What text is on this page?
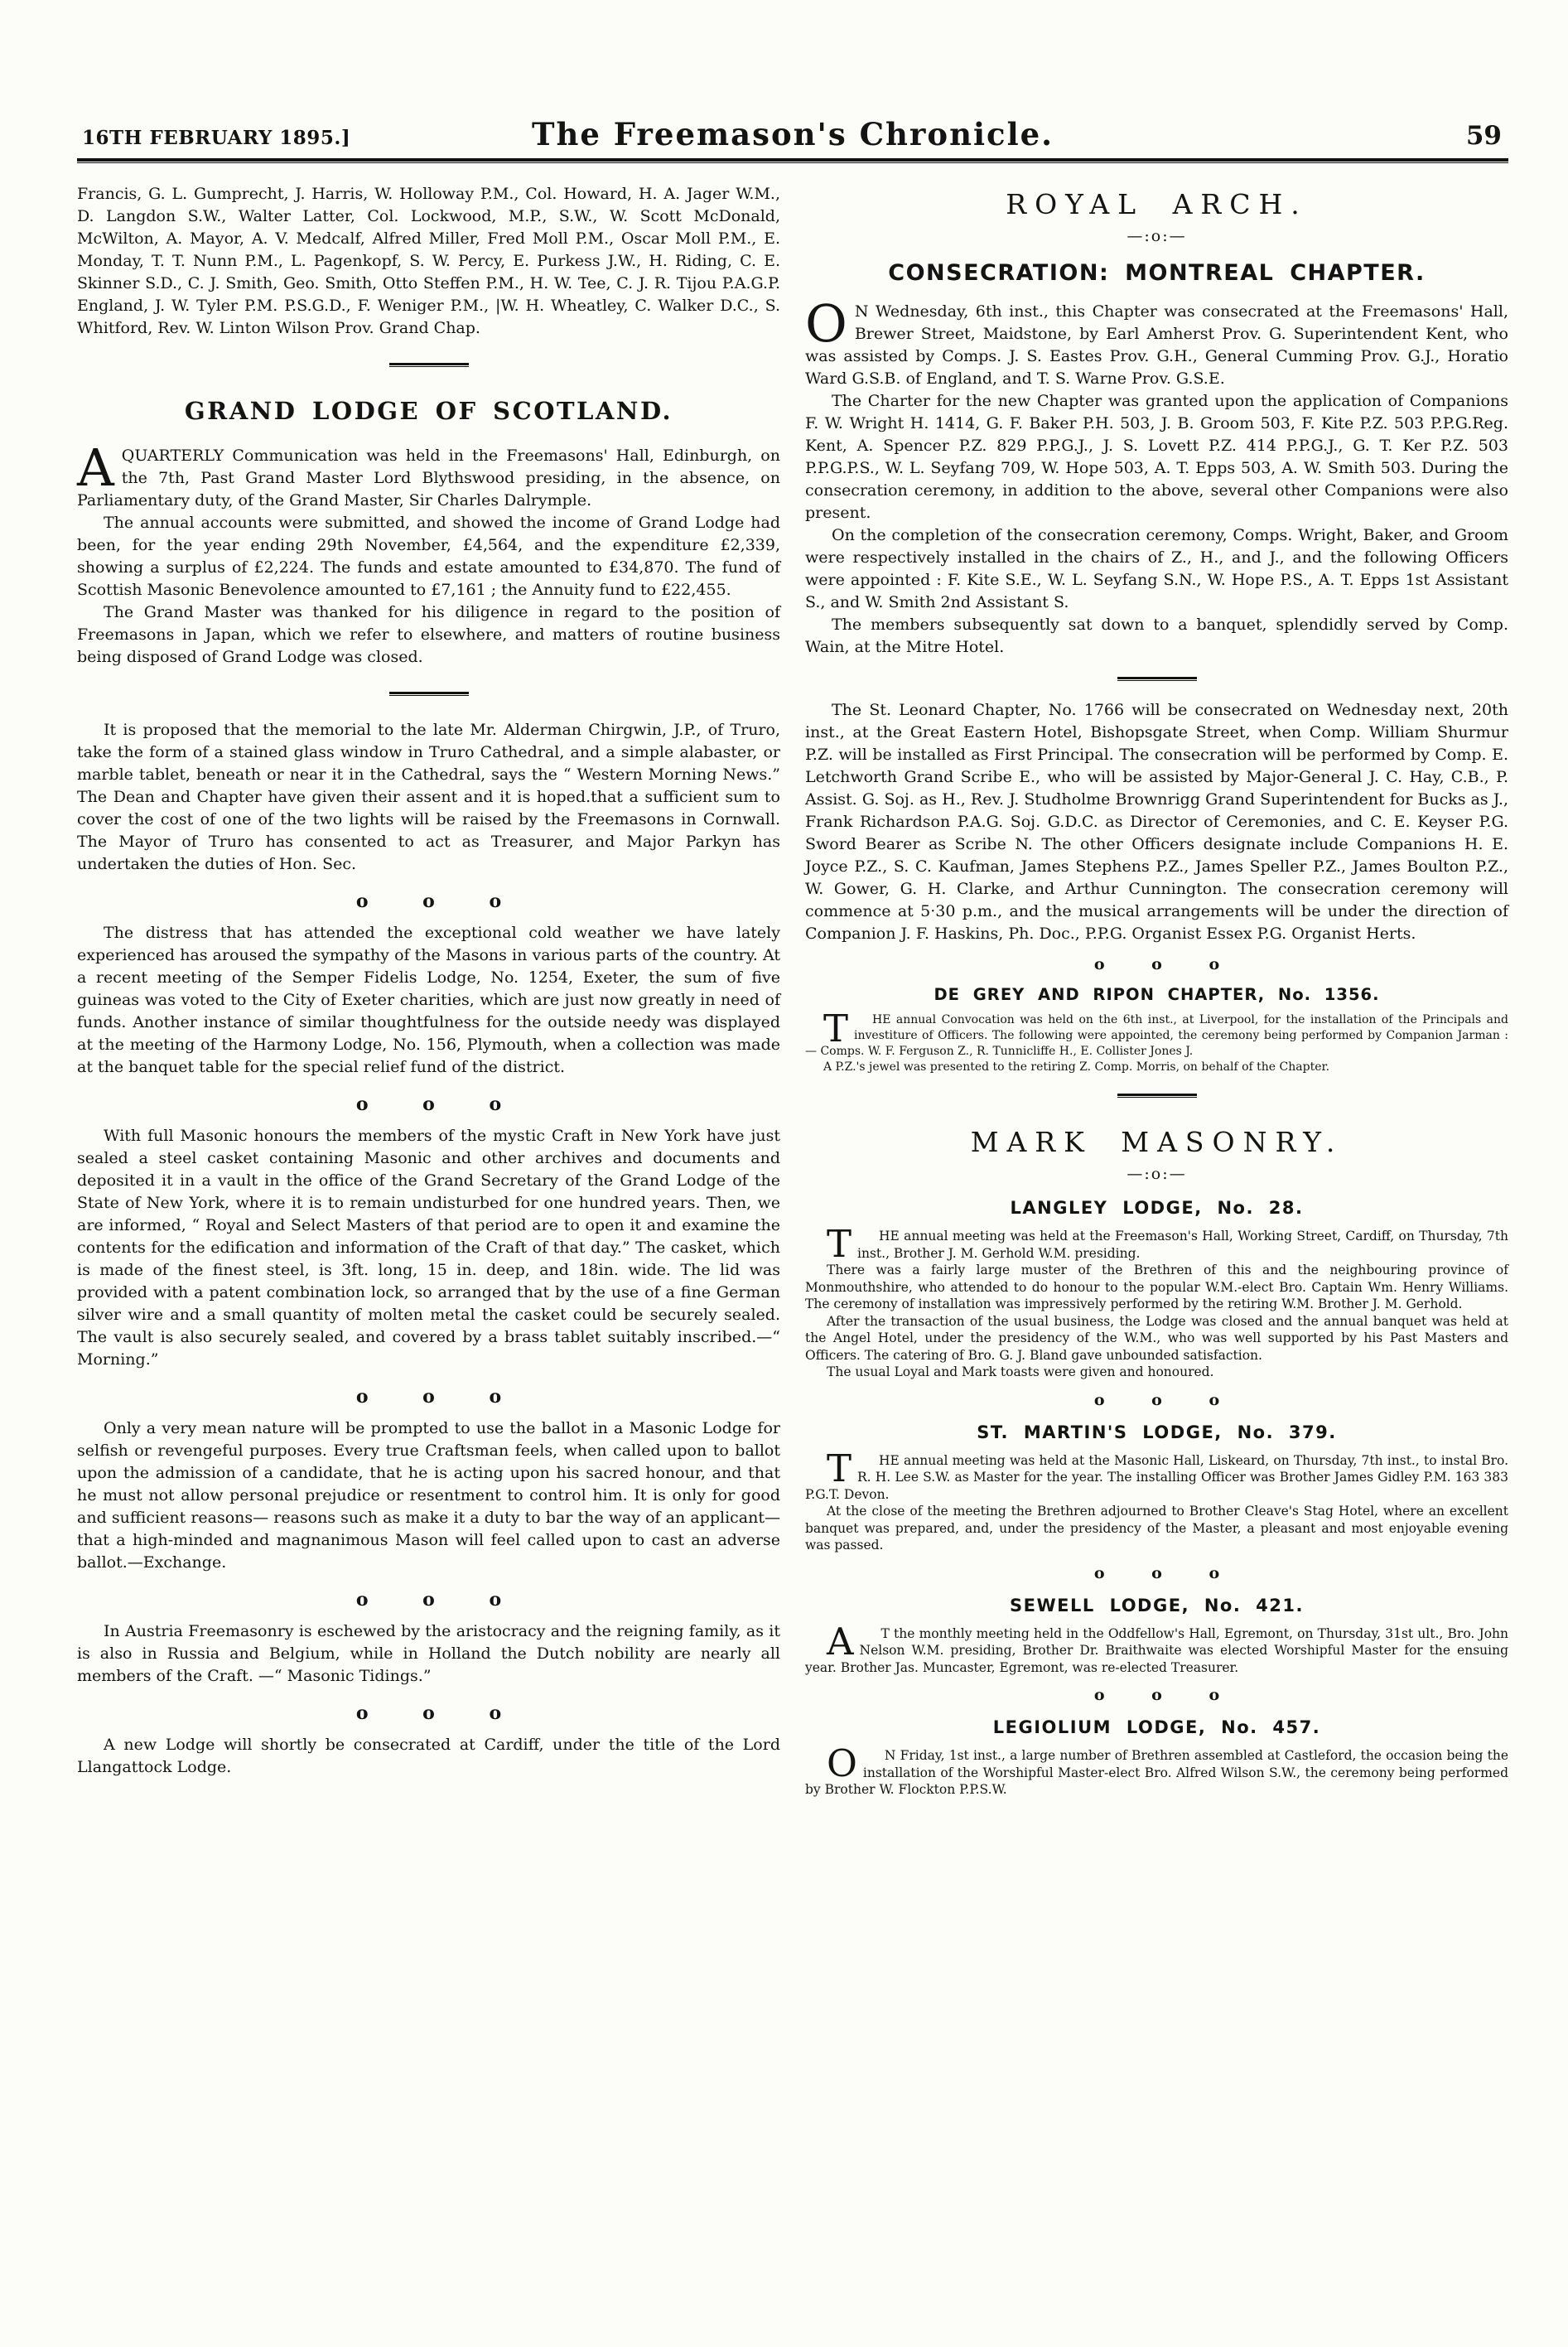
16TH FEBRUARY 1895.]	The Freemason's Chronicle.	59

Francis, G. L. Gumprecht, J. Harris, W. Holloway P.M., Col. Howard, H. A. Jager W.M., D. Langdon S.W., Walter Latter, Col. Lockwood, M.P., S.W., W. Scott McDonald, McWilton, A. Mayor, A. V. Medcalf, Alfred Miller, Fred Moll P.M., Oscar Moll P.M., E. Monday, T. T. Nunn P.M., L. Pagenkopf, S. W. Percy, E. Purkess J.W., H. Riding, C. E. Skinner S.D., C. J. Smith, Geo. Smith, Otto Steffen P.M., H. W. Tee, C. J. R. Tijou P.A.G.P. England, J. W. Tyler P.M. P.S.G.D., F. Weniger P.M., |W. H. Wheatley, C. Walker D.C., S. Whitford, Rev. W. Linton Wilson Prov. Grand Chap.

GRAND LODGE OF SCOTLAND.

AQUARTERLY Communication was held in the Freemasons' Hall, Edinburgh, on the 7th, Past Grand Master Lord Blythswood presiding, in the absence, on Parliamentary duty, of the Grand Master, Sir Charles Dalrymple.

The annual accounts were submitted, and showed the income of Grand Lodge had been, for the year ending 29th November, £4,564, and the expenditure £2,339, showing a surplus of £2,224. The funds and estate amounted to £34,870. The fund of Scottish Masonic Benevolence amounted to £7,161 ; the Annuity fund to £22,455.

The Grand Master was thanked for his diligence in regard to the position of Freemasons in Japan, which we refer to elsewhere, and matters of routine business being disposed of Grand Lodge was closed.

It is proposed that the memorial to the late Mr. Alderman Chirgwin, J.P., of Truro, take the form of a stained glass window in Truro Cathedral, and a simple alabaster, or marble tablet, beneath or near it in the Cathedral, says the “ Western Morning News.” The Dean and Chapter have given their assent and it is hoped.that a sufficient sum to cover the cost of one of the two lights will be raised by the Freemasons in Cornwall. The Mayor of Truro has consented to act as Treasurer, and Major Parkyn has undertaken the duties of Hon. Sec.

o o o

The distress that has attended the exceptional cold weather we have lately experienced has aroused the sympathy of the Masons in various parts of the country. At a recent meeting of the Semper Fidelis Lodge, No. 1254, Exeter, the sum of five guineas was voted to the City of Exeter charities, which are just now greatly in need of funds. Another instance of similar thoughtfulness for the outside needy was displayed at the meeting of the Harmony Lodge, No. 156, Plymouth, when a collection was made at the banquet table for the special relief fund of the district.

o o o

With full Masonic honours the members of the mystic Craft in New York have just sealed a steel casket containing Masonic and other archives and documents and deposited it in a vault in the office of the Grand Secretary of the Grand Lodge of the State of New York, where it is to remain undisturbed for one hundred years. Then, we are informed, “ Royal and Select Masters of that period are to open it and examine the contents for the edification and information of the Craft of that day.” The casket, which is made of the finest steel, is 3ft. long, 15 in. deep, and 18in. wide. The lid was provided with a patent combination lock, so arranged that by the use of a fine German silver wire and a small quantity of molten metal the casket could be securely sealed. The vault is also securely sealed, and covered by a brass tablet suitably inscribed.—“ Morning.”

o o o

Only a very mean nature will be prompted to use the ballot in a Masonic Lodge for selfish or revengeful purposes. Every true Craftsman feels, when called upon to ballot upon the admission of a candidate, that he is acting upon his sacred honour, and that he must not allow personal prejudice or resentment to control him. It is only for good and sufficient reasons— reasons such as make it a duty to bar the way of an applicant— that a high-minded and magnanimous Mason will feel called upon to cast an adverse ballot.—Exchange.

o o o

In Austria Freemasonry is eschewed by the aristocracy and the reigning family, as it is also in Russia and Belgium, while in Holland the Dutch nobility are nearly all members of the Craft. —“ Masonic Tidings.”

o o o

A new Lodge will shortly be consecrated at Cardiff, under the title of the Lord Llangattock Lodge.

ROYAL ARCH.
—:o:—
CONSECRATION: MONTREAL CHAPTER.

O N Wednesday, 6th inst., this Chapter was consecrated at the Freemasons' Hall, Brewer Street, Maidstone, by Earl Amherst Prov. G. Superintendent Kent, who was assisted by Comps. J. S. Eastes Prov. G.H., General Cumming Prov. G.J., Horatio Ward G.S.B. of England, and T. S. Warne Prov. G.S.E.

The Charter for the new Chapter was granted upon the application of Companions F. W. Wright H. 1414, G. F. Baker P.H. 503, J. B. Groom 503, F. Kite P.Z. 503 P.P.G.Reg. Kent, A. Spencer P.Z. 829 P.P.G.J., J. S. Lovett P.Z. 414 P.P.G.J., G. T. Ker P.Z. 503 P.P.G.P.S., W. L. Seyfang 709, W. Hope 503, A. T. Epps 503, A. W. Smith 503. During the consecration ceremony, in addition to the above, several other Companions were also present.

On the completion of the consecration ceremony, Comps. Wright, Baker, and Groom were respectively installed in the chairs of Z., H., and J., and the following Officers were appointed : F. Kite S.E., W. L. Seyfang S.N., W. Hope P.S., A. T. Epps 1st Assistant S., and W. Smith 2nd Assistant S.

The members subsequently sat down to a banquet, splendidly served by Comp. Wain, at the Mitre Hotel.

The St. Leonard Chapter, No. 1766 will be consecrated on Wednesday next, 20th inst., at the Great Eastern Hotel, Bishopsgate Street, when Comp. William Shurmur P.Z. will be installed as First Principal. The consecration will be performed by Comp. E. Letchworth Grand Scribe E., who will be assisted by Major-General J. C. Hay, C.B., P. Assist. G. Soj. as H., Rev. J. Studholme Brownrigg Grand Superintendent for Bucks as J., Frank Richardson P.A.G. Soj. G.D.C. as Director of Ceremonies, and C. E. Keyser P.G. Sword Bearer as Scribe N. The other Officers designate include Companions H. E. Joyce P.Z., S. C. Kaufman, James Stephens P.Z., James Speller P.Z., James Boulton P.Z., W. Gower, G. H. Clarke, and Arthur Cunnington. The consecration ceremony will commence at 5·30 p.m., and the musical arrangements will be under the direction of Companion J. F. Haskins, Ph. Doc., P.P.G. Organist Essex P.G. Organist Herts.

o o o
DE GREY AND RIPON CHAPTER, No. 1356.

T	HE annual Convocation was held on the 6th inst., at Liverpool, for the installation of the Principals and investiture of Officers. The following were appointed, the ceremony being performed by Companion Jarman :— Comps. W. F. Ferguson Z., R. Tunnicliffe H., E. Collister Jones J.

A P.Z.'s jewel was presented to the retiring Z. Comp. Morris, on behalf of the Chapter.

MARK MASONRY.
—:o:—
LANGLEY LODGE, No. 28.

T	HE annual meeting was held at the Freemason's Hall, Working Street, Cardiff, on Thursday, 7th inst., Brother J. M. Gerhold W.M. presiding.

There was a fairly large muster of the Brethren of this and the neighbouring province of Monmouthshire, who attended to do honour to the popular W.M.-elect Bro. Captain Wm. Henry Williams. The ceremony of installation was impressively performed by the retiring W.M. Brother J. M. Gerhold.

After the transaction of the usual business, the Lodge was closed and the annual banquet was held at the Angel Hotel, under the presidency of the W.M., who was well supported by his Past Masters and Officers. The catering of Bro. G. J. Bland gave unbounded satisfaction.

The usual Loyal and Mark toasts were given and honoured.

o o o
ST. MARTIN'S LODGE, No. 379.

T	HE annual meeting was held at the Masonic Hall, Liskeard, on Thursday, 7th inst., to instal Bro. R. H. Lee S.W. as Master for the year. The installing Officer was Brother James Gidley P.M. 163 383 P.G.T. Devon.

At the close of the meeting the Brethren adjourned to Brother Cleave's Stag Hotel, where an excellent banquet was prepared, and, under the presidency of the Master, a pleasant and most enjoyable evening was passed.

o o o
SEWELL LODGE, No. 421.

A	T the monthly meeting held in the Oddfellow's Hall, Egremont, on Thursday, 31st ult., Bro. John Nelson W.M. presiding, Brother Dr. Braithwaite was elected Worshipful Master for the ensuing year. Brother Jas. Muncaster, Egremont, was re-elected Treasurer.

o o o
LEGIOLIUM LODGE, No. 457.

O	N Friday, 1st inst., a large number of Brethren assembled at Castleford, the occasion being the installation of the Worshipful Master-elect Bro. Alfred Wilson S.W., the ceremony being performed by Brother W. Flockton P.P.S.W.
